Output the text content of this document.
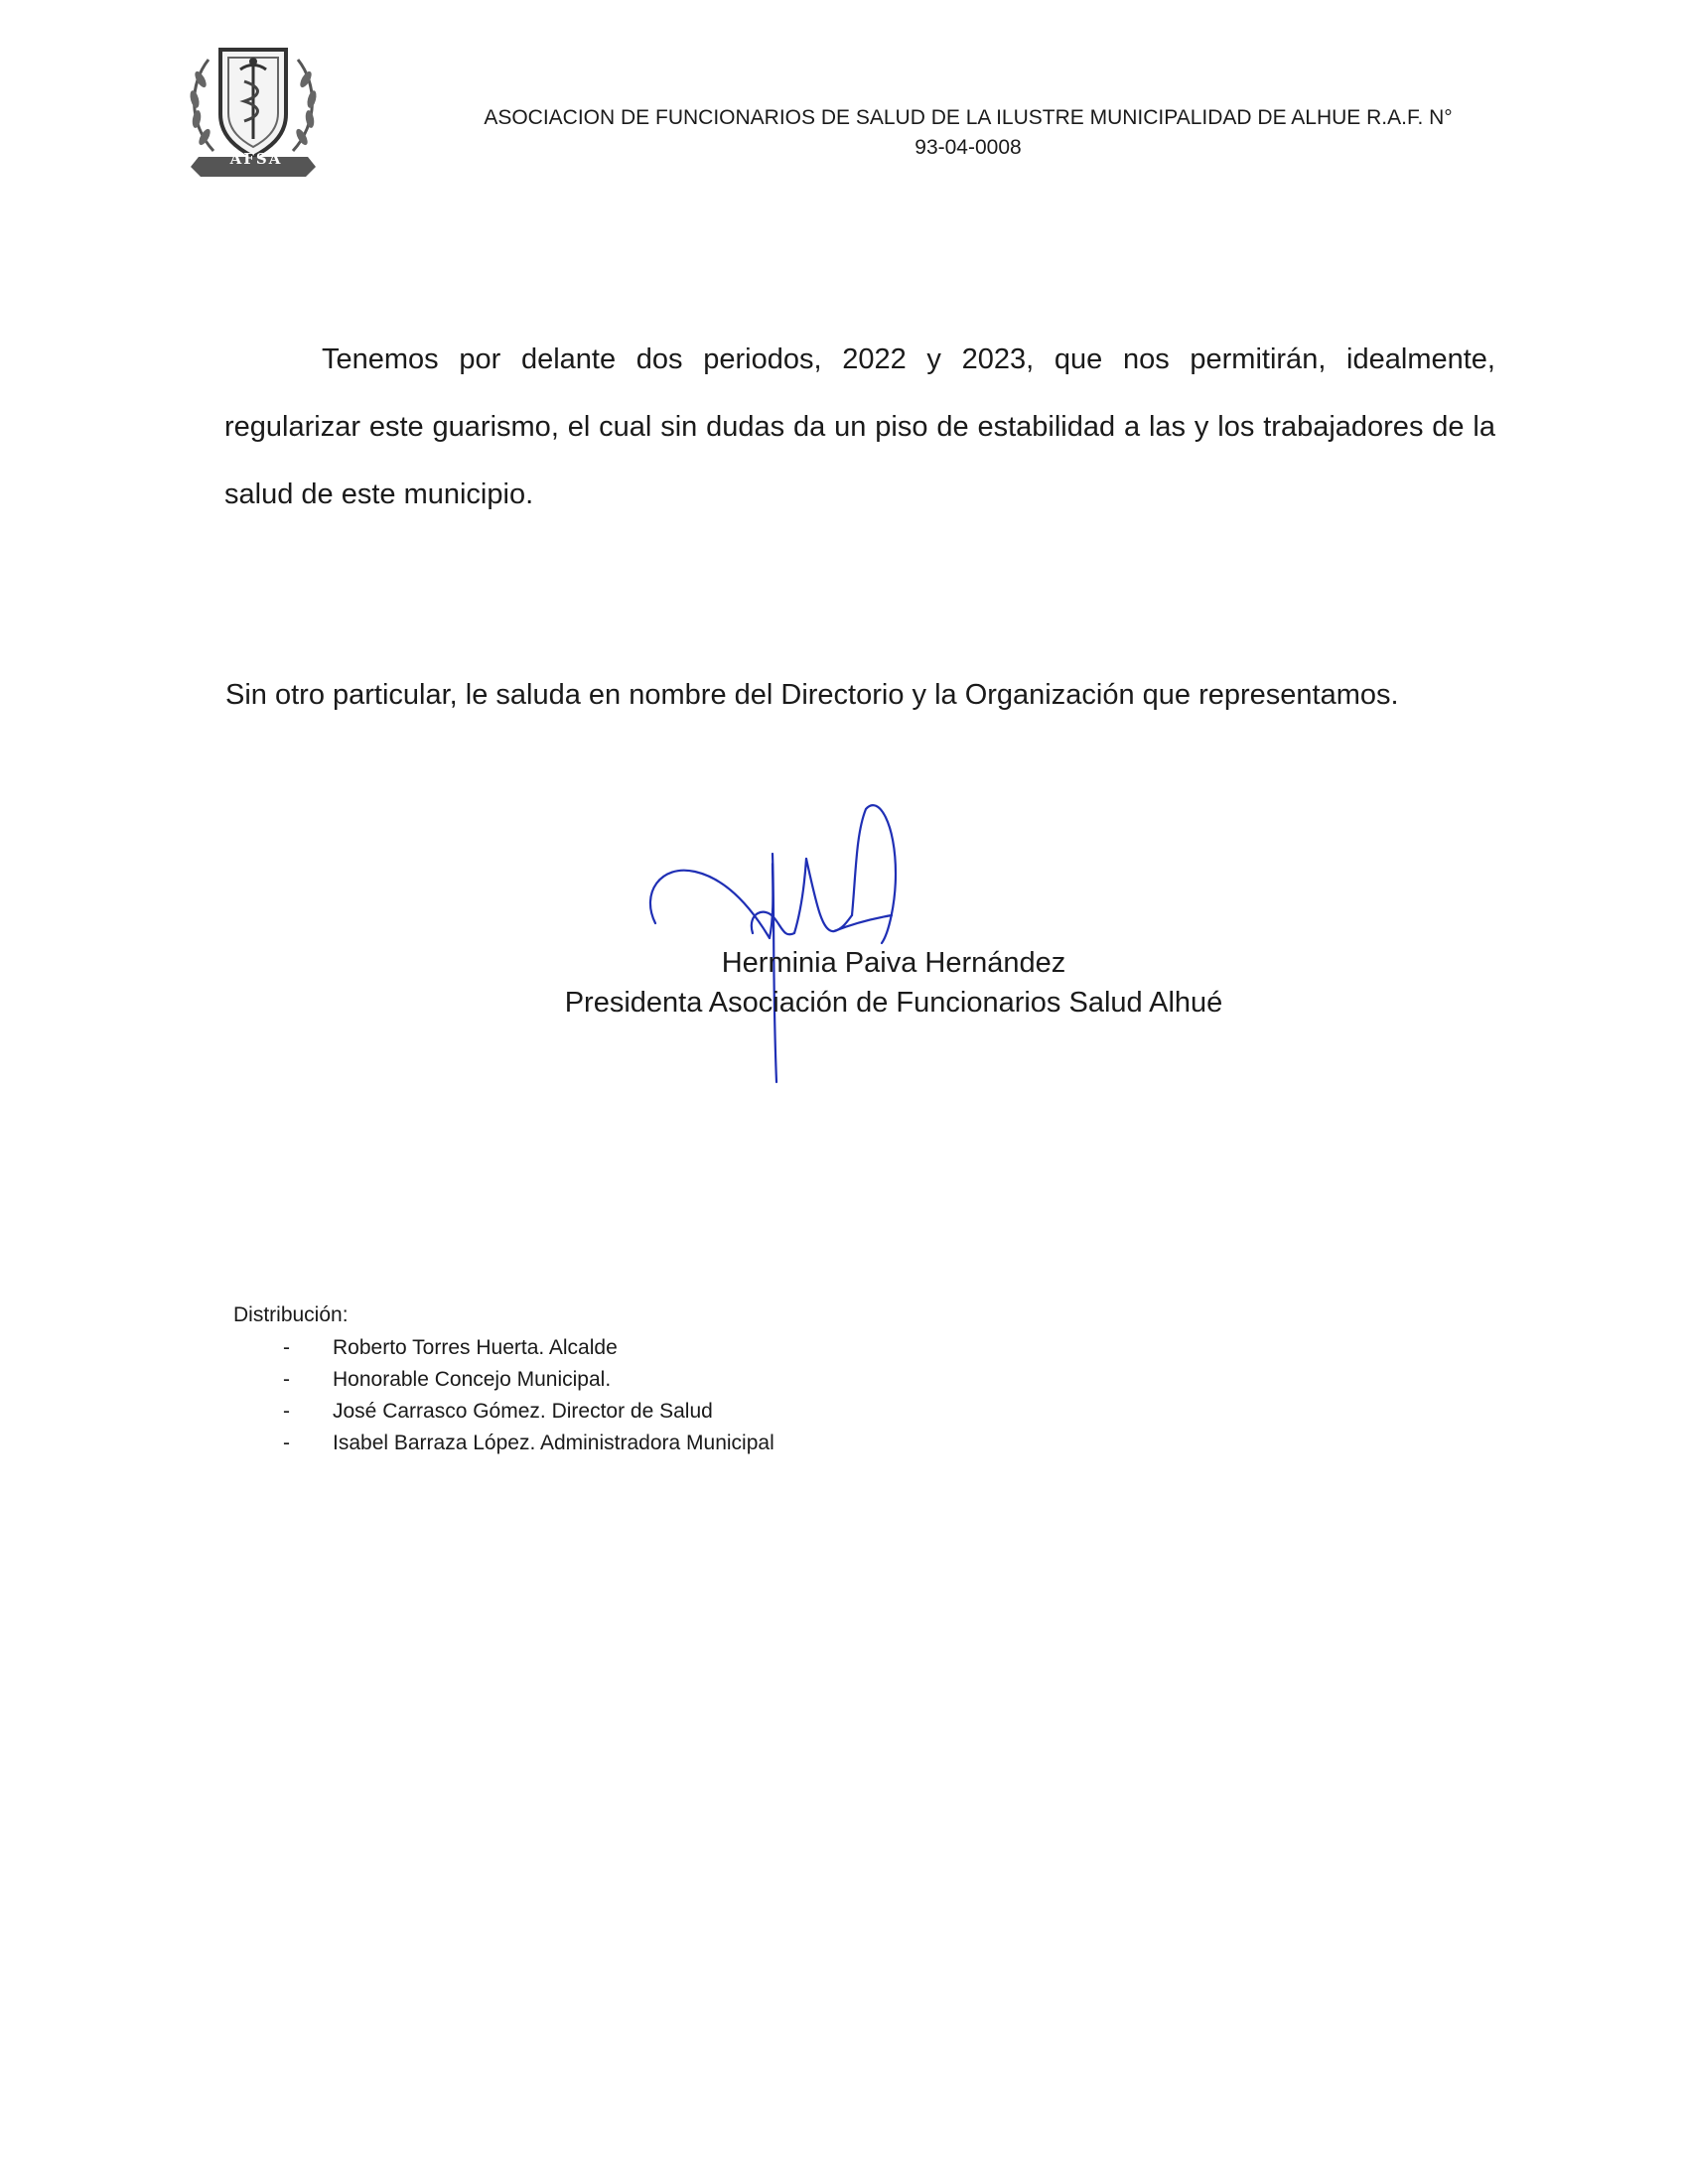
AFSA
ASOCIACION DE FUNCIONARIOS DE SALUD DE LA ILUSTRE MUNICIPALIDAD DE ALHUE R.A.F. N° 93-04-0008

Tenemos por delante dos periodos, 2022 y 2023, que nos permitirán, idealmente, regularizar este guarismo, el cual sin dudas da un piso de estabilidad a las y los trabajadores de la salud de este municipio.

Sin otro particular, le saluda en nombre del Directorio y la Organización que representamos.

Herminia Paiva Hernández
Presidenta Asociación de Funcionarios Salud Alhué
Distribución:
-	Roberto Torres Huerta. Alcalde
-	Honorable Concejo Municipal.
-	José Carrasco Gómez. Director de Salud
-	Isabel Barraza López. Administradora Municipal
